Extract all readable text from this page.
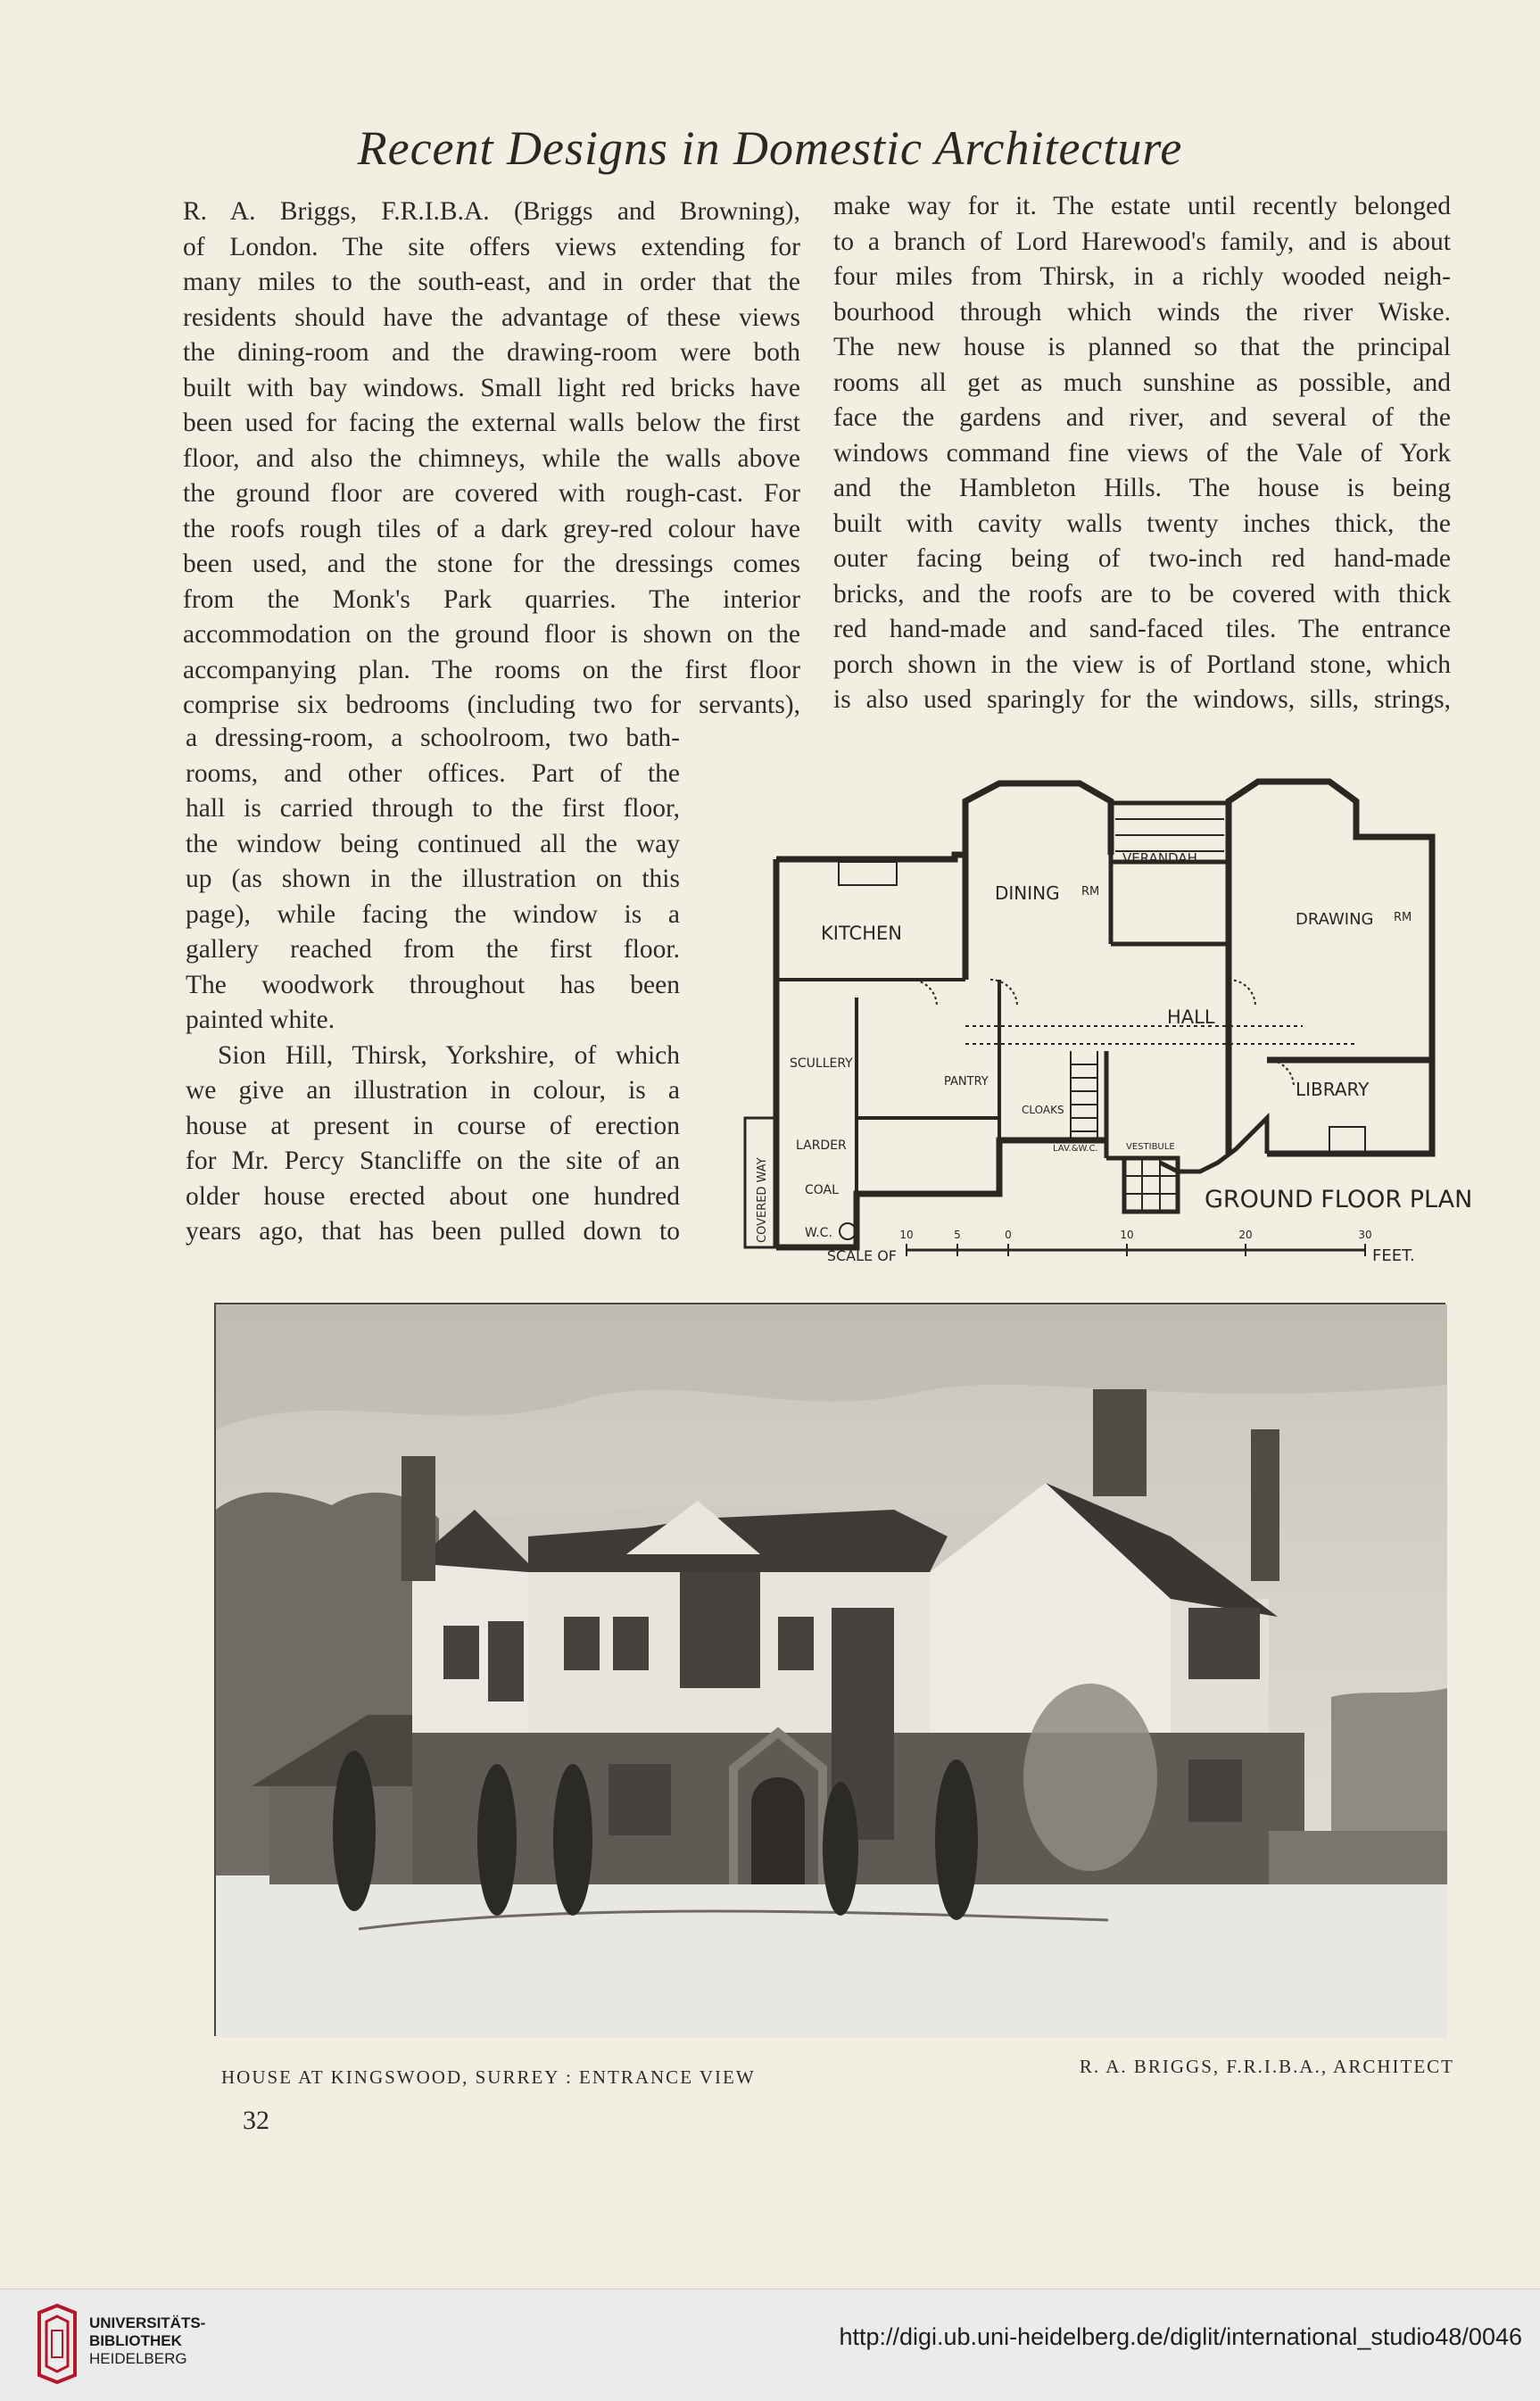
Recent Designs in Domestic Architecture

R. A. Briggs, F.R.I.B.A. (Briggs and Browning),

of London. The site offers views extending for

many miles to the south-east, and in order that the

residents should have the advantage of these views

the dining-room and the drawing-room were both

built with bay windows. Small light red bricks have

been used for facing the external walls below the first

floor, and also the chimneys, while the walls above

the ground floor are covered with rough-cast. For

the roofs rough tiles of a dark grey-red colour have

been used, and the stone for the dressings comes

from the Monk's Park quarries. The interior

accommodation on the ground floor is shown on the

accompanying plan. The rooms on the first floor

comprise six bedrooms (including two for servants),

a dressing-room, a schoolroom, two bath-

rooms, and other offices. Part of the

hall is carried through to the first floor,

the window being continued all the way

up (as shown in the illustration on this

page), while facing the window is a

gallery reached from the first floor.

The woodwork throughout has been

painted white.

Sion Hill, Thirsk, Yorkshire, of which

we give an illustration in colour, is a

house at present in course of erection

for Mr. Percy Stancliffe on the site of an

older house erected about one hundred

years ago, that has been pulled down to

make way for it. The estate until recently belonged

to a branch of Lord Harewood's family, and is about

four miles from Thirsk, in a richly wooded neigh-

bourhood through which winds the river Wiske.

The new house is planned so that the principal

rooms all get as much sunshine as possible, and

face the gardens and river, and several of the

windows command fine views of the Vale of York

and the Hambleton Hills. The house is being

built with cavity walls twenty inches thick, the

outer facing being of two-inch red hand-made

bricks, and the roofs are to be covered with thick

red hand-made and sand-faced tiles. The entrance

porch shown in the view is of Portland stone, which

is also used sparingly for the windows, sills, strings,

KITCHEN
DINING RM
VERANDAH
DRAWING RM
HALL
LIBRARY
SCULLERY
PANTRY
CLOAKS
LARDER
COAL
W.C.
LAV.&W.C.	VESTIBULE
COVERED WAY	GROUND FLOOR PLAN
SCALE OF
10	5	0	10	20	30
FEET.
HOUSE AT KINGSWOOD, SURREY : ENTRANCE VIEW	R. A. BRIGGS, F.R.I.B.A., ARCHITECT
32
UNIVERSITÄTS-
BIBLIOTHEK
HEIDELBERG
http://digi.ub.uni-heidelberg.de/diglit/international_studio48/0046
